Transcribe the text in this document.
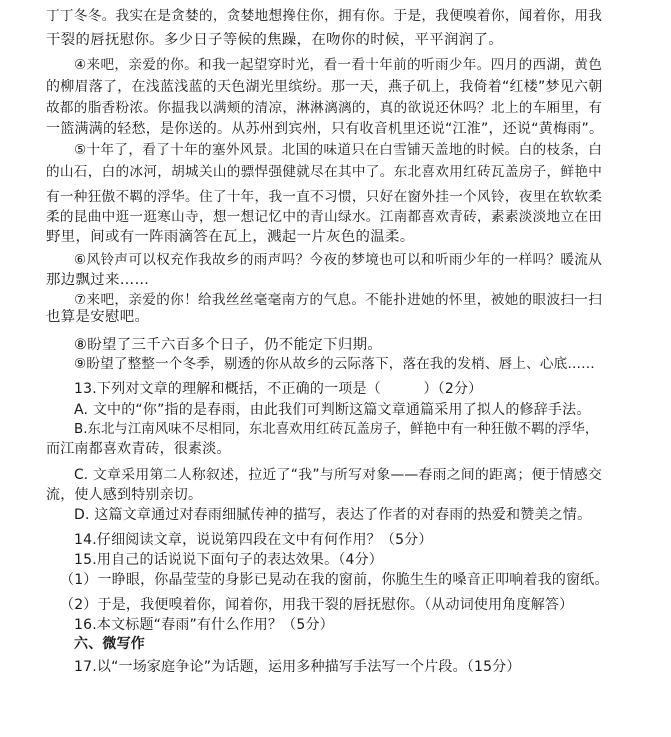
丁丁冬冬。我实在是贪婪的，贪婪地想搀住你，拥有你。于是，我便嗅着你，闻着你，用我
干裂的唇抚慰你。多少日子等候的焦躁，在吻你的时候，平平润润了。
④来吧，亲爱的你。和我一起望穿时光，看一看十年前的听雨少年。四月的西湖，黄色
的柳眉落了，在浅蓝浅蓝的天色湖光里缤纷。那一天，燕子矶上，我倚着“红楼”梦见六朝
故都的脂香粉浓。你揾我以满颊的清凉，淋淋漓漓的，真的欲说还休吗？北上的车厢里，有
一篮满满的轻愁，是你送的。从苏州到宾州，只有收音机里还说“江淮”，还说“黄梅雨”。
⑤十年了，看了十年的塞外风景。北国的味道只在白雪铺天盖地的时候。白的枝条，白
的山石，白的冰河，胡城关山的骠悍强健就尽在其中了。东北喜欢用红砖瓦盖房子，鲜艳中
有一种狂傲不羁的浮华。住了十年，我一直不习惯，只好在窗外挂一个风铃，夜里在软软柔
柔的昆曲中逛一逛寒山寺，想一想记忆中的青山绿水。江南都喜欢青砖，素素淡淡地立在田
野里，间或有一阵雨滴答在瓦上，溅起一片灰色的温柔。
⑥风铃声可以权充作我故乡的雨声吗？今夜的梦境也可以和听雨少年的一样吗？暖流从
那边飘过来……
⑦来吧，亲爱的你！给我丝丝毫毫南方的气息。不能扑进她的怀里，被她的眼波扫一扫
也算是安慰吧。
⑧盼望了三千六百多个日子，仍不能定下归期。
⑨盼望了整整一个冬季，剔透的你从故乡的云际落下，落在我的发梢、唇上、心底……
13.下列对文章的理解和概括，不正确的一项是（　　　）（2分）
A. 文中的“你”指的是春雨，由此我们可判断这篇文章通篇采用了拟人的修辞手法。
B.东北与江南风味不尽相同，东北喜欢用红砖瓦盖房子，鲜艳中有一种狂傲不羁的浮华，
而江南都喜欢青砖，很素淡。
C. 文章采用第二人称叙述，拉近了“我”与所写对象——春雨之间的距离；便于情感交
流，使人感到特别亲切。
D. 这篇文章通过对春雨细腻传神的描写，表达了作者的对春雨的热爱和赞美之情。
14.仔细阅读文章，说说第四段在文中有何作用？（5分）
15.用自己的话说说下面句子的表达效果。（4分）
（1）一睁眼，你晶莹莹的身影已晃动在我的窗前，你脆生生的嗓音正叩响着我的窗纸。
（2）于是，我便嗅着你，闻着你，用我干裂的唇抚慰你。（从动词使用角度解答）
16.本文标题“春雨”有什么作用？（5分）
六、微写作
17.以“一场家庭争论”为话题，运用多种描写手法写一个片段。（15分）
